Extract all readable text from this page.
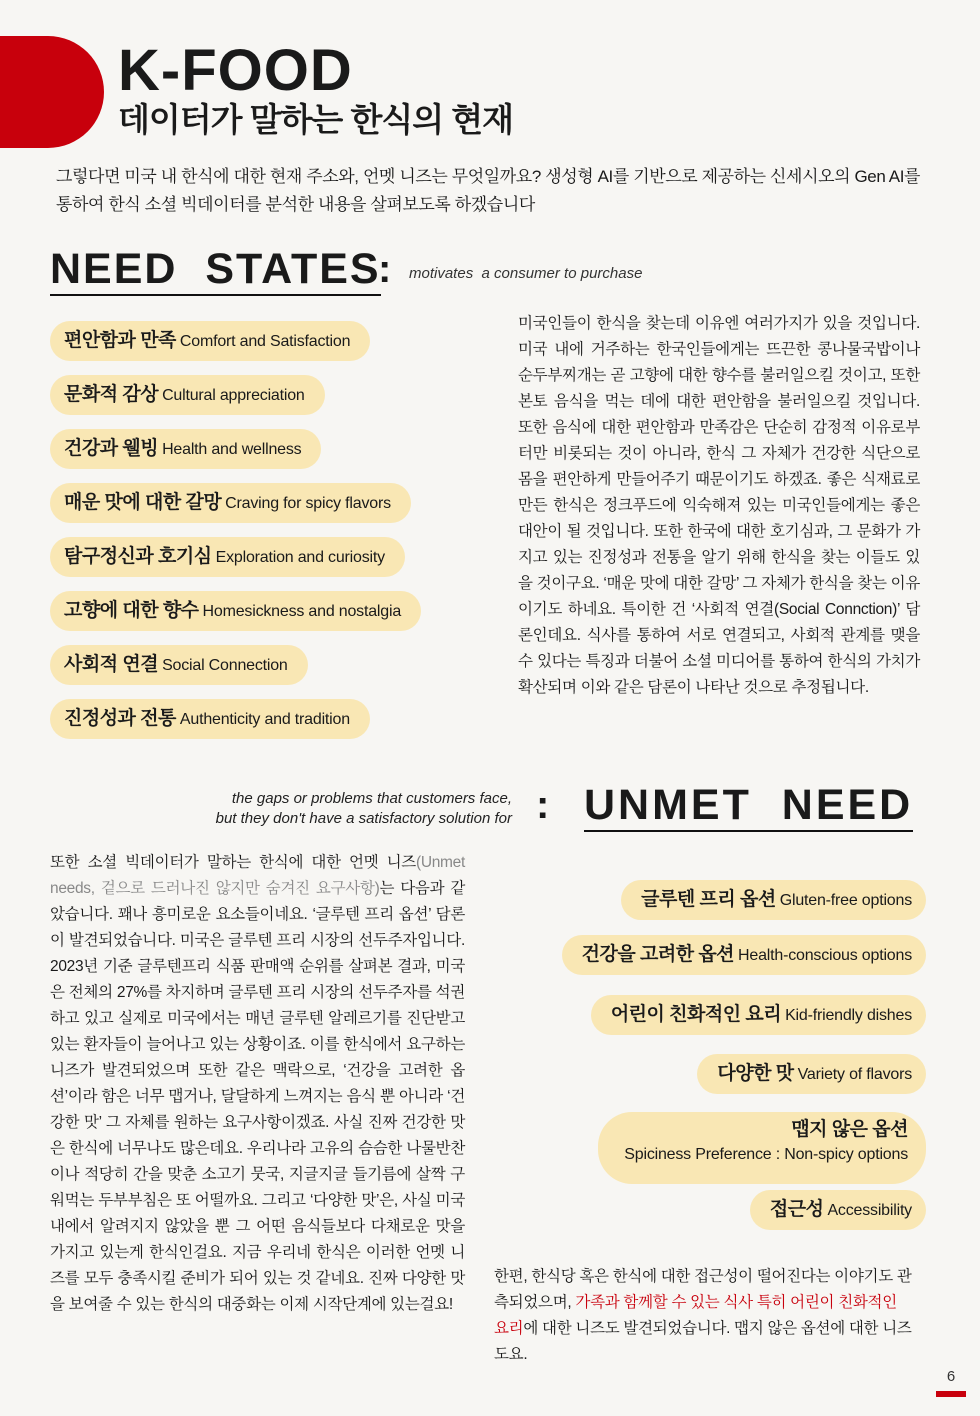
K-FOOD
데이터가 말하는 한식의 현재

그렇다면 미국 내 한식에 대한 현재 주소와, 언멧 니즈는 무엇일까요? 생성형 AI를 기반으로 제공하는 신세시오의 Gen AI를 통하여 한식 소셜 빅데이터를 분석한 내용을 살펴보도록 하겠습니다

NEED  STATES
: motivates  a consumer to purchase
편안함과 만족 Comfort and Satisfaction
문화적 감상 Cultural appreciation
건강과 웰빙 Health and wellness
매운 맛에 대한 갈망 Craving for spicy flavors
탐구정신과 호기심 Exploration and curiosity
고향에 대한 향수 Homesickness and nostalgia
사회적 연결 Social Connection
진정성과 전통 Authenticity and tradition

미국인들이 한식을 찾는데 이유엔 여러가지가 있을 것입니다. 미국 내에 거주하는 한국인들에게는 뜨끈한 콩나물국밥이나 순두부찌개는 곧 고향에 대한 향수를 불러일으킬 것이고, 또한 본토 음식을 먹는 데에 대한 편안함을 불러일으킬 것입니다. 또한 음식에 대한 편안함과 만족감은 단순히 감정적 이유로부터만 비롯되는 것이 아니라, 한식 그 자체가 건강한 식단으로 몸을 편안하게 만들어주기 때문이기도 하겠죠. 좋은 식재료로 만든 한식은 정크푸드에 익숙해져 있는 미국인들에게는 좋은 대안이 될 것입니다. 또한 한국에 대한 호기심과, 그 문화가 가지고 있는 진정성과 전통을 알기 위해 한식을 찾는 이들도 있을 것이구요. ‘매운 맛에 대한 갈망’ 그 자체가 한식을 찾는 이유이기도 하네요. 특이한 건 ‘사회적 연결(Social Connction)’ 담론인데요. 식사를 통하여 서로 연결되고, 사회적 관계를 맺을 수 있다는 특징과 더불어 소셜 미디어를 통하여 한식의 가치가 확산되며 이와 같은 담론이 나타난 것으로 추정됩니다.

the gaps or problems that customers face,
but they don't have a satisfactory solution for : UNMET  NEED

또한 소셜 빅데이터가 말하는 한식에 대한 언멧 니즈(Unmet needs, 겉으로 드러나진 않지만 숨겨진 요구사항)는 다음과 같았습니다. 꽤나 흥미로운 요소들이네요. ‘글루텐 프리 옵션’ 담론이 발견되었습니다. 미국은 글루텐 프리 시장의 선두주자입니다. 2023년 기준 글루텐프리 식품 판매액 순위를 살펴본 결과, 미국은 전체의 27%를 차지하며 글루텐 프리 시장의 선두주자를 석권하고 있고 실제로 미국에서는 매년 글루텐 알레르기를 진단받고 있는 환자들이 늘어나고 있는 상황이죠. 이를 한식에서 요구하는 니즈가 발견되었으며 또한 같은 맥락으로, ‘건강을 고려한 옵션’이라 함은 너무 맵거나, 달달하게 느껴지는 음식 뿐 아니라 ‘건강한 맛’ 그 자체를 원하는 요구사항이겠죠. 사실 진짜 건강한 맛은 한식에 너무나도 많은데요. 우리나라 고유의 슴슴한 나물반찬이나 적당히 간을 맞춘 소고기 뭇국, 지글지글 들기름에 살짝 구워먹는 두부부침은 또 어떨까요. 그리고 ‘다양한 맛’은, 사실 미국 내에서 알려지지 않았을 뿐 그 어떤 음식들보다 다채로운 맛을 가지고 있는게 한식인걸요. 지금 우리네 한식은 이러한 언멧 니즈를 모두 충족시킬 준비가 되어 있는 것 같네요. 진짜 다양한 맛을 보여줄 수 있는 한식의 대중화는 이제 시작단계에 있는걸요!

글루텐 프리 옵션 Gluten-free options
건강을 고려한 옵션 Health-conscious options
어린이 친화적인 요리 Kid-friendly dishes
다양한 맛 Variety of flavors
맵지 않은 옵션
Spiciness Preference : Non-spicy options
접근성 Accessibility

한편, 한식당 혹은 한식에 대한 접근성이 떨어진다는 이야기도 관측되었으며, 가족과 함께할 수 있는 식사 특히 어린이 친화적인 요리에 대한 니즈도 발견되었습니다. 맵지 않은 옵션에 대한 니즈도요.

6
